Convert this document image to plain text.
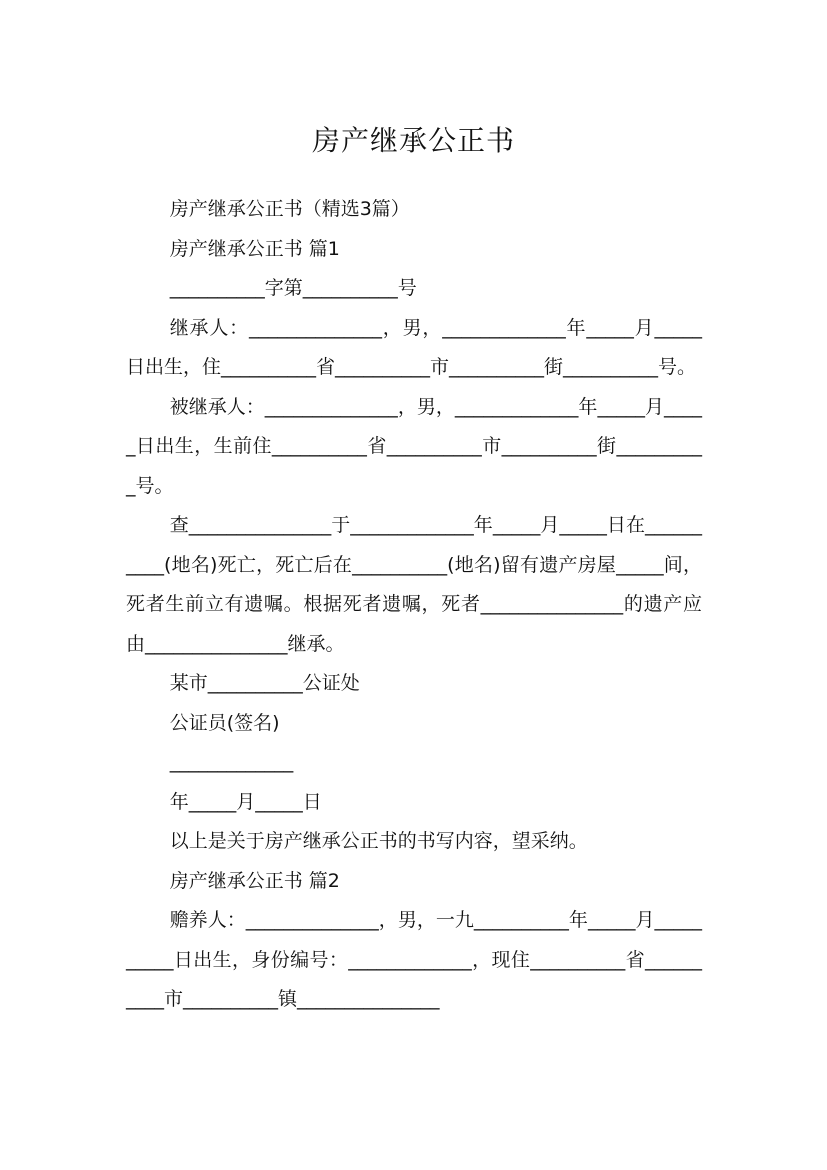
房产继承公正书

房产继承公正书（精选3篇）

房产继承公正书 篇1

__________字第__________号

继承人：______________，男，_____________年_____月_____日出生，住__________省__________市__________街__________号。

被继承人：______________，男，_____________年_____月_____日出生，生前住__________省__________市__________街__________号。

查_______________于_____________年_____月_____日在__________(地名)死亡，死亡后在__________(地名)留有遗产房屋_____间，死者生前立有遗嘱。根据死者遗嘱，死者_______________的遗产应由_______________继承。

某市__________公证处

公证员(签名)

_____________

年_____月_____日

以上是关于房产继承公正书的书写内容，望采纳。

房产继承公正书 篇2

赡养人：______________，男，一九__________年_____月__________日出生，身份编号：_____________，现住__________省__________市__________镇_______________
